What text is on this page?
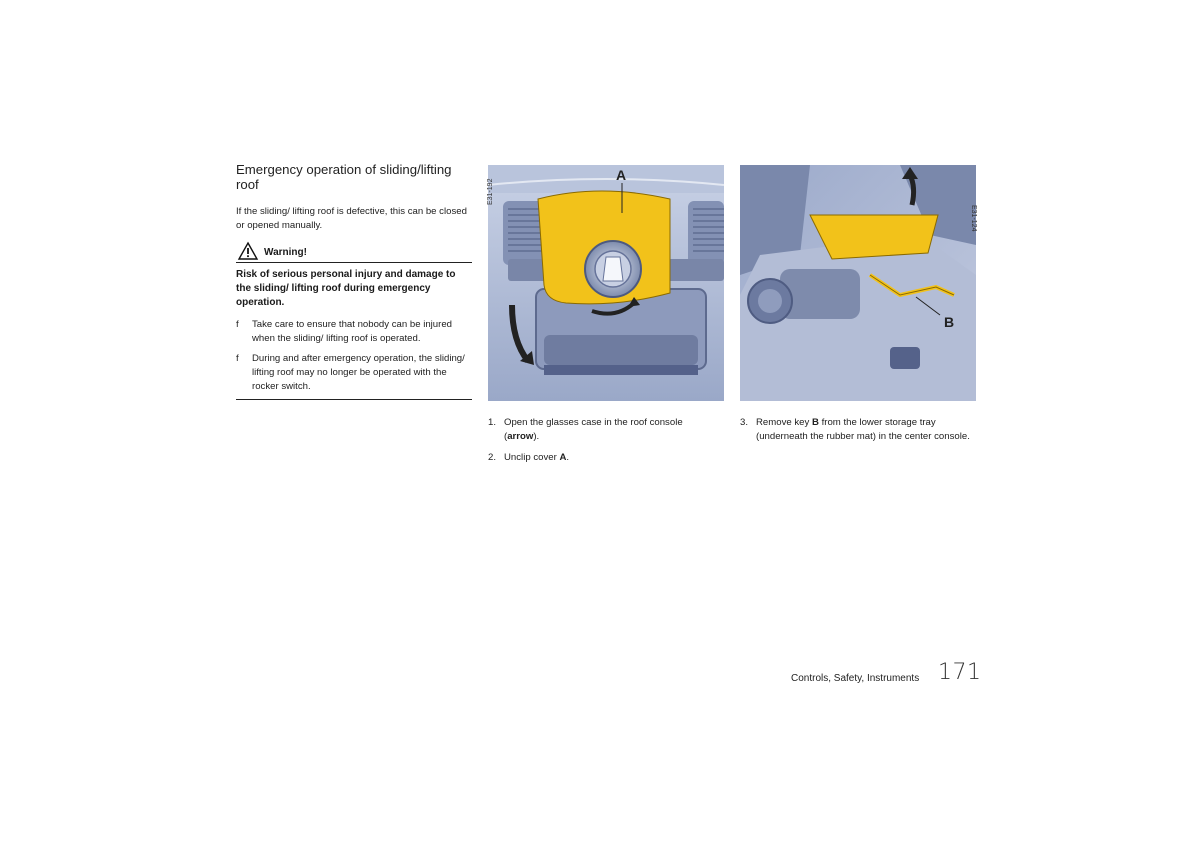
Emergency operation of sliding/lifting roof
If the sliding/ lifting roof is defective, this can be closed or opened manually.
Warning!
Risk of serious personal injury and damage to the sliding/ lifting roof during emergency operation.
f Take care to ensure that nobody can be injured when the sliding/ lifting roof is operated.
f During and after emergency operation, the sliding/ lifting roof may no longer be operated with the rocker switch.
A
E31-192
B
E31-124
1. Open the glasses case in the roof console (arrow).
2. Unclip cover A.
3. Remove key B from the lower storage tray (underneath the rubber mat) in the center console.
Controls, Safety, Instruments 171
